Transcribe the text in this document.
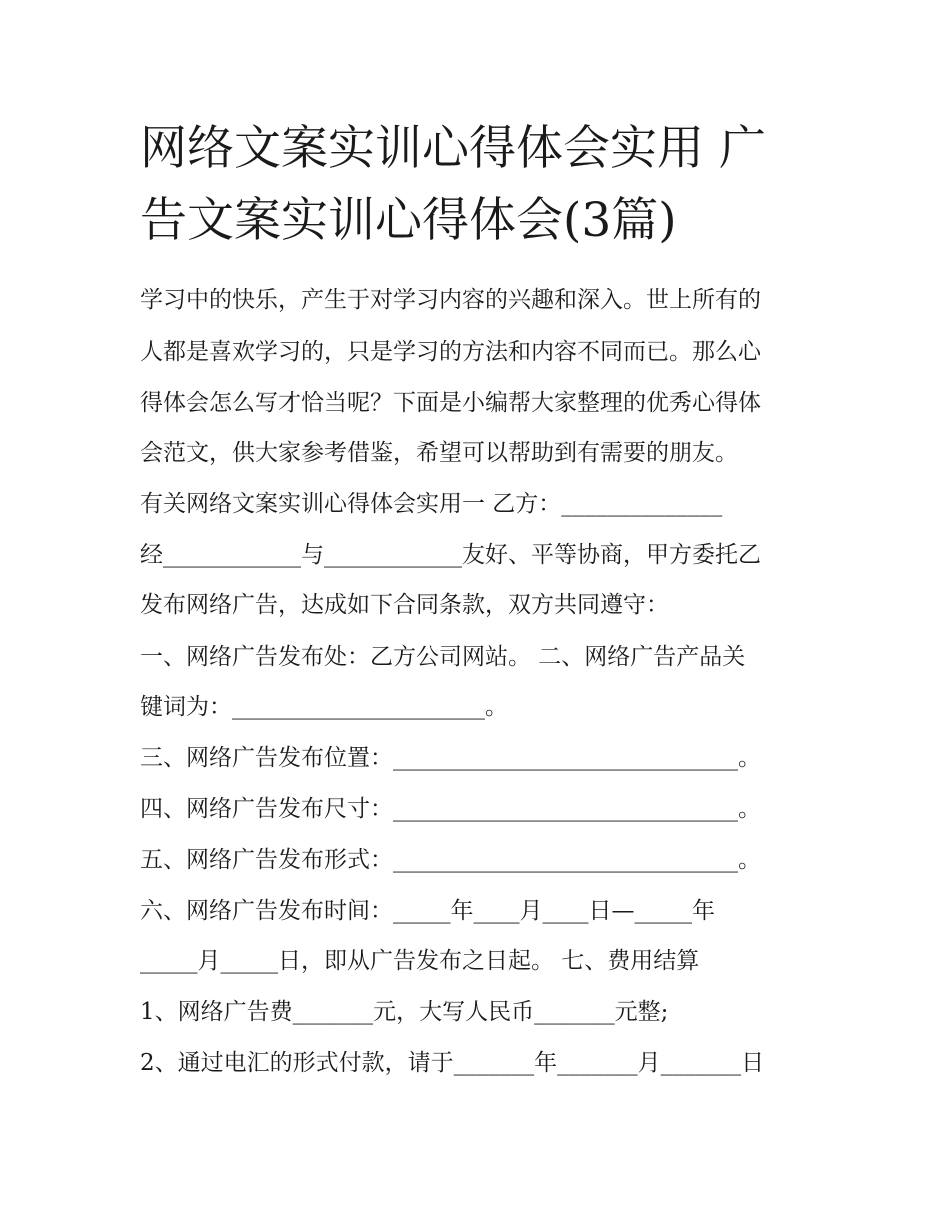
网络文案实训心得体会实用 广
告文案实训心得体会(3篇)

学习中的快乐，产生于对学习内容的兴趣和深入。世上所有的

人都是喜欢学习的，只是学习的方法和内容不同而已。那么心

得体会怎么写才恰当呢？下面是小编帮大家整理的优秀心得体

会范文，供大家参考借鉴，希望可以帮助到有需要的朋友。

有关网络文案实训心得体会实用一 乙方：______________

经____________与____________友好、平等协商，甲方委托乙

发布网络广告，达成如下合同条款，双方共同遵守：

一、网络广告发布处：乙方公司网站。 二、网络广告产品关

键词为：______________________。

三、网络广告发布位置：______________________________。

四、网络广告发布尺寸：______________________________。

五、网络广告发布形式：______________________________。

六、网络广告发布时间：_____年____月____日—_____年

_____月_____日，即从广告发布之日起。 七、费用结算

1、网络广告费_______元，大写人民币_______元整;

2、通过电汇的形式付款，请于_______年_______月_______日
